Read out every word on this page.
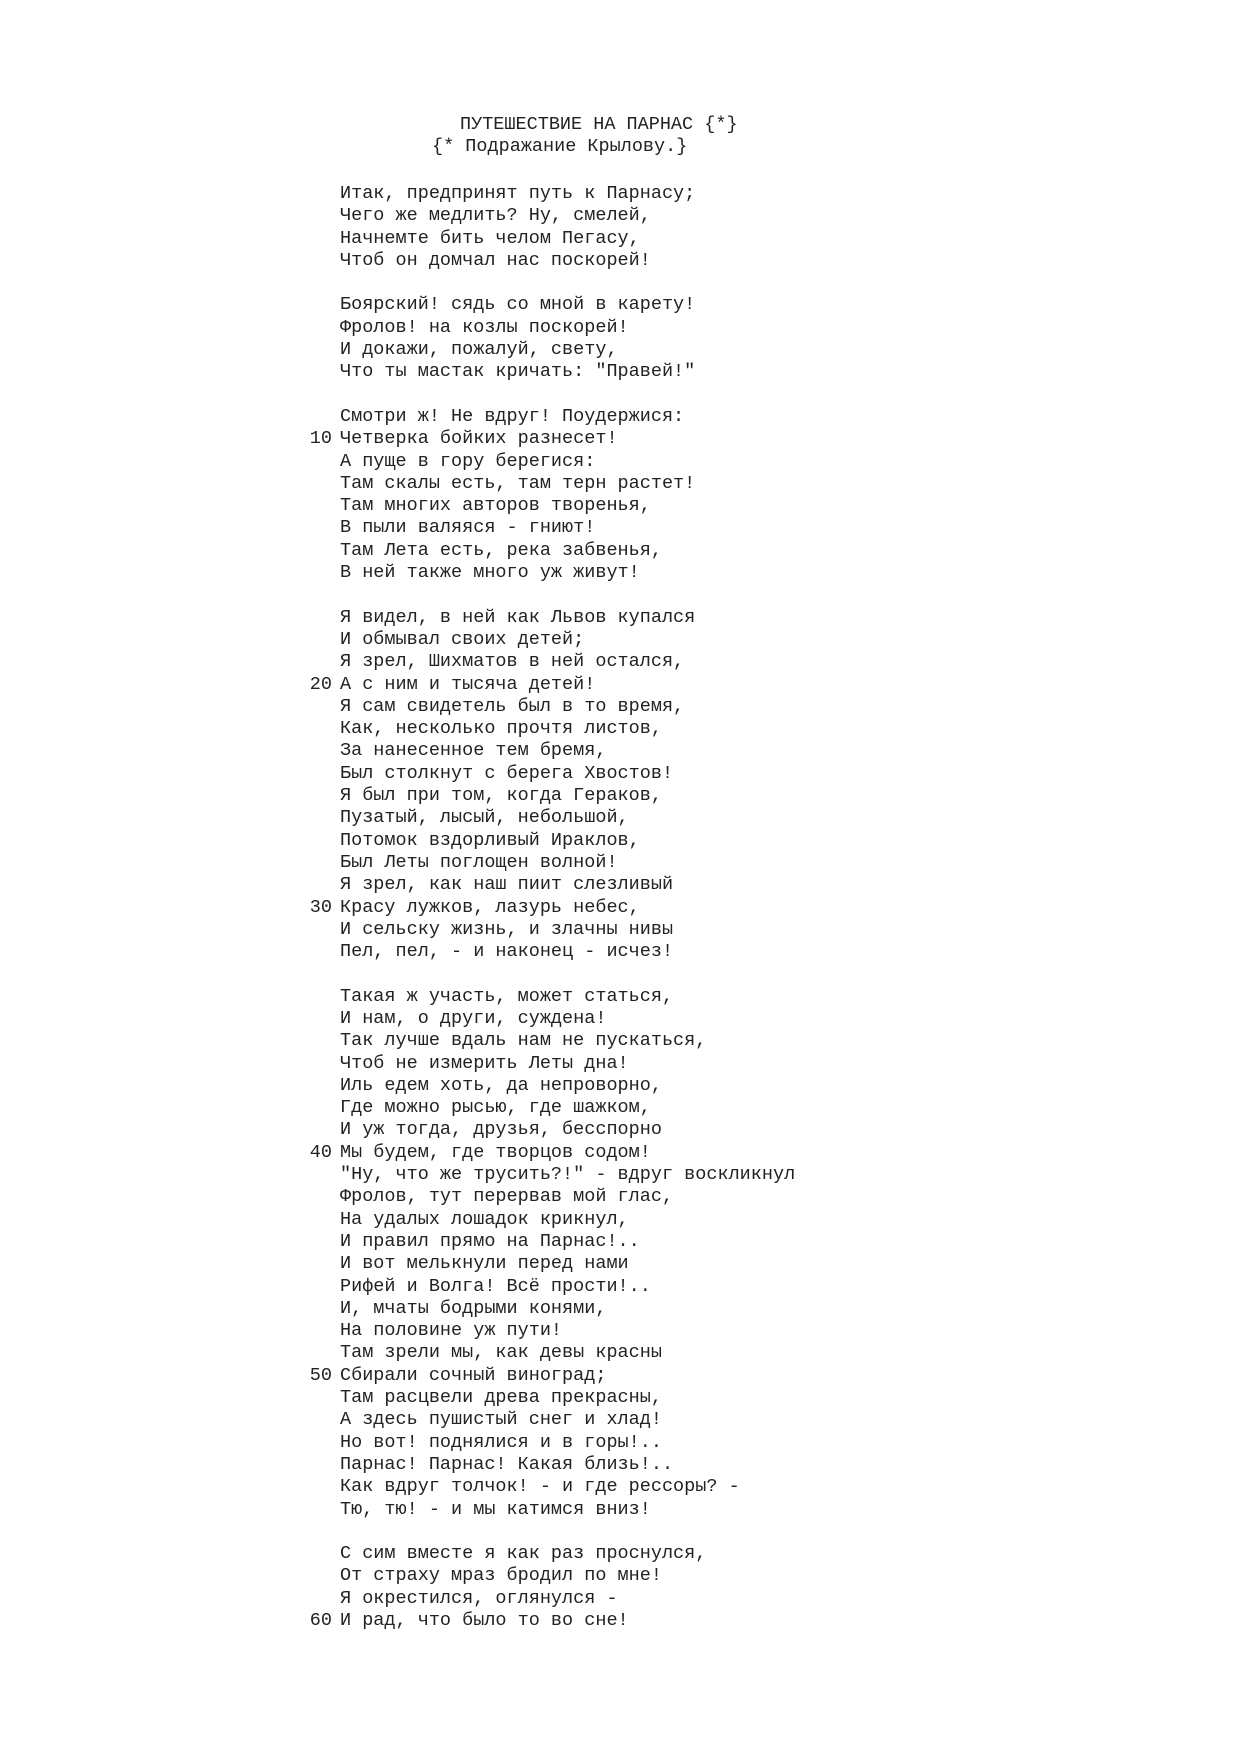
ПУТЕШЕСТВИЕ НА ПАРНАС {*}
{* Подражание Крылову.}
Итак, предпринят путь к Парнасу;
Чего же медлить? Ну, смелей,
Начнемте бить челом Пегасу,
Чтоб он домчал нас поскорей!
Боярский! сядь со мной в карету!
Фролов! на козлы поскорей!
И докажи, пожалуй, свету,
Что ты мастак кричать: "Правей!"
Смотри ж! Не вдруг! Поудержися:
10 Четверка бойких разнесет!
А пуще в гору берегися:
Там скалы есть, там терн растет!
Там многих авторов творенья,
В пыли валяяся - гниют!
Там Лета есть, река забвенья,
В ней также много уж живут!
Я видел, в ней как Львов купался
И обмывал своих детей;
Я зрел, Шихматов в ней остался,
20 А с ним и тысяча детей!
Я сам свидетель был в то время,
Как, несколько прочтя листов,
За нанесенное тем бремя,
Был столкнут с берега Хвостов!
Я был при том, когда Гераков,
Пузатый, лысый, небольшой,
Потомок вздорливый Ираклов,
Был Леты поглощен волной!
Я зрел, как наш пиит слезливый
30 Красу лужков, лазурь небес,
И сельску жизнь, и злачны нивы
Пел, пел, - и наконец - исчез!
Такая ж участь, может статься,
И нам, о други, суждена!
Так лучше вдаль нам не пускаться,
Чтоб не измерить Леты дна!
Иль едем хоть, да непроворно,
Где можно рысью, где шажком,
И уж тогда, друзья, бесспорно
40 Мы будем, где творцов содом!
"Ну, что же трусить?!" - вдруг воскликнул
Фролов, тут перервав мой глас,
На удалых лошадок крикнул,
И правил прямо на Парнас!..
И вот мелькнули перед нами
Рифей и Волга! Всё прости!..
И, мчаты бодрыми конями,
На половине уж пути!
Там зрели мы, как девы красны
50 Сбирали сочный виноград;
Там расцвели древа прекрасны,
А здесь пушистый снег и хлад!
Но вот! поднялися и в горы!..
Парнас! Парнас! Какая близь!..
Как вдруг толчок! - и где рессоры? -
Тю, тю! - и мы катимся вниз!
С сим вместе я как раз проснулся,
От страху мраз бродил по мне!
Я окрестился, оглянулся -
60 И рад, что было то во сне!
